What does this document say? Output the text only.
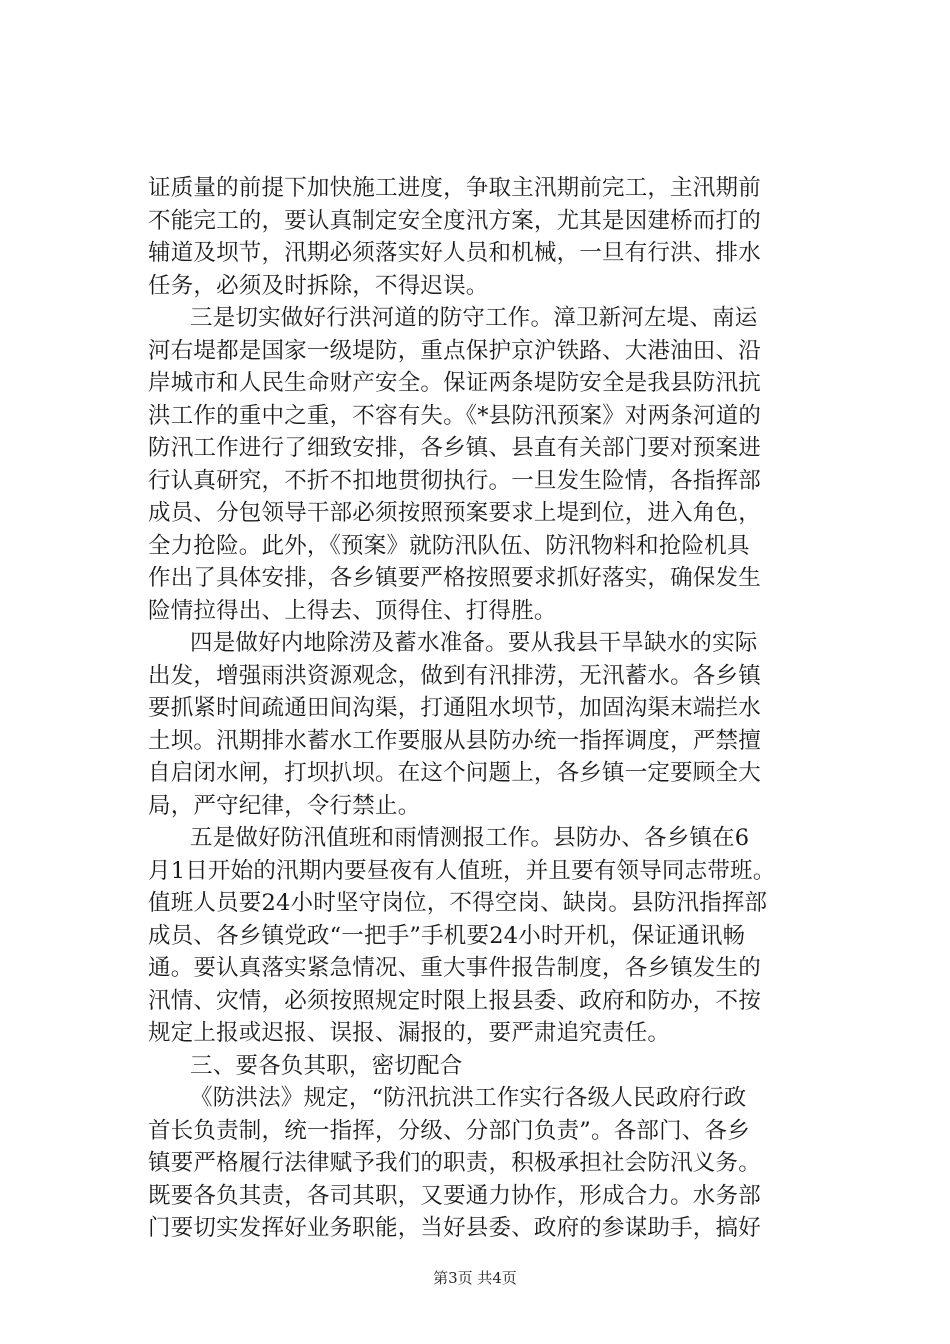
证质量的前提下加快施工进度，争取主汛期前完工，主汛期前
不能完工的，要认真制定安全度汛方案，尤其是因建桥而打的
辅道及坝节，汛期必须落实好人员和机械，一旦有行洪、排水
任务，必须及时拆除，不得迟误。
三是切实做好行洪河道的防守工作。漳卫新河左堤、南运
河右堤都是国家一级堤防，重点保护京沪铁路、大港油田、沿
岸城市和人民生命财产安全。保证两条堤防安全是我县防汛抗
洪工作的重中之重，不容有失。《*县防汛预案》对两条河道的
防汛工作进行了细致安排，各乡镇、县直有关部门要对预案进
行认真研究，不折不扣地贯彻执行。一旦发生险情，各指挥部
成员、分包领导干部必须按照预案要求上堤到位，进入角色，
全力抢险。此外，《预案》就防汛队伍、防汛物料和抢险机具
作出了具体安排，各乡镇要严格按照要求抓好落实，确保发生
险情拉得出、上得去、顶得住、打得胜。
四是做好内地除涝及蓄水准备。要从我县干旱缺水的实际
出发，增强雨洪资源观念，做到有汛排涝，无汛蓄水。各乡镇
要抓紧时间疏通田间沟渠，打通阻水坝节，加固沟渠末端拦水
土坝。汛期排水蓄水工作要服从县防办统一指挥调度，严禁擅
自启闭水闸，打坝扒坝。在这个问题上，各乡镇一定要顾全大
局，严守纪律，令行禁止。
五是做好防汛值班和雨情测报工作。县防办、各乡镇在6
月1日开始的汛期内要昼夜有人值班，并且要有领导同志带班。
值班人员要24小时坚守岗位，不得空岗、缺岗。县防汛指挥部
成员、各乡镇党政“一把手”手机要24小时开机，保证通讯畅
通。要认真落实紧急情况、重大事件报告制度，各乡镇发生的
汛情、灾情，必须按照规定时限上报县委、政府和防办，不按
规定上报或迟报、误报、漏报的，要严肃追究责任。
三、要各负其职，密切配合
《防洪法》规定，“防汛抗洪工作实行各级人民政府行政
首长负责制，统一指挥，分级、分部门负责”。各部门、各乡
镇要严格履行法律赋予我们的职责，积极承担社会防汛义务。
既要各负其责，各司其职，又要通力协作，形成合力。水务部
门要切实发挥好业务职能，当好县委、政府的参谋助手，搞好
第3页 共4页
